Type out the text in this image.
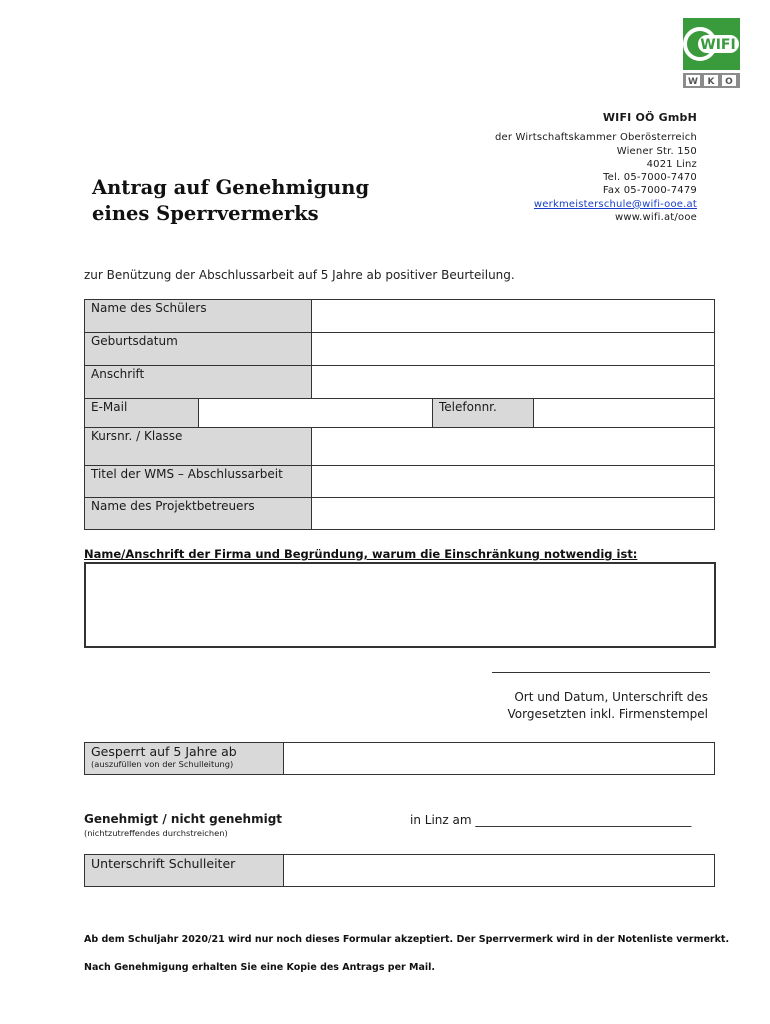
WIFI
W K O
WIFI OÖ GmbH
der Wirtschaftskammer Oberösterreich
Wiener Str. 150
4021 Linz
Tel. 05-7000-7470
Fax 05-7000-7479
werkmeisterschule@wifi-ooe.at
www.wifi.at/ooe
Antrag auf Genehmigung
eines Sperrvermerks
zur Benützung der Abschlussarbeit auf 5 Jahre ab positiver Beurteilung.
Name des Schülers
Geburtsdatum
Anschrift
E-Mail	Telefonnr.
Kursnr. / Klasse
Titel der WMS – Abschlussarbeit
Name des Projektbetreuers
Name/Anschrift der Firma und Begründung, warum die Einschränkung notwendig ist:
Ort und Datum, Unterschrift des
Vorgesetzten inkl. Firmenstempel
Gesperrt auf 5 Jahre ab
(auszufüllen von der Schulleitung)
Genehmigt / nicht genehmigt
(nichtzutreffendes durchstreichen)
in Linz am ____________________________________
Unterschrift Schulleiter
Ab dem Schuljahr 2020/21 wird nur noch dieses Formular akzeptiert. Der Sperrvermerk wird in der Notenliste vermerkt.
Nach Genehmigung erhalten Sie eine Kopie des Antrags per Mail.
